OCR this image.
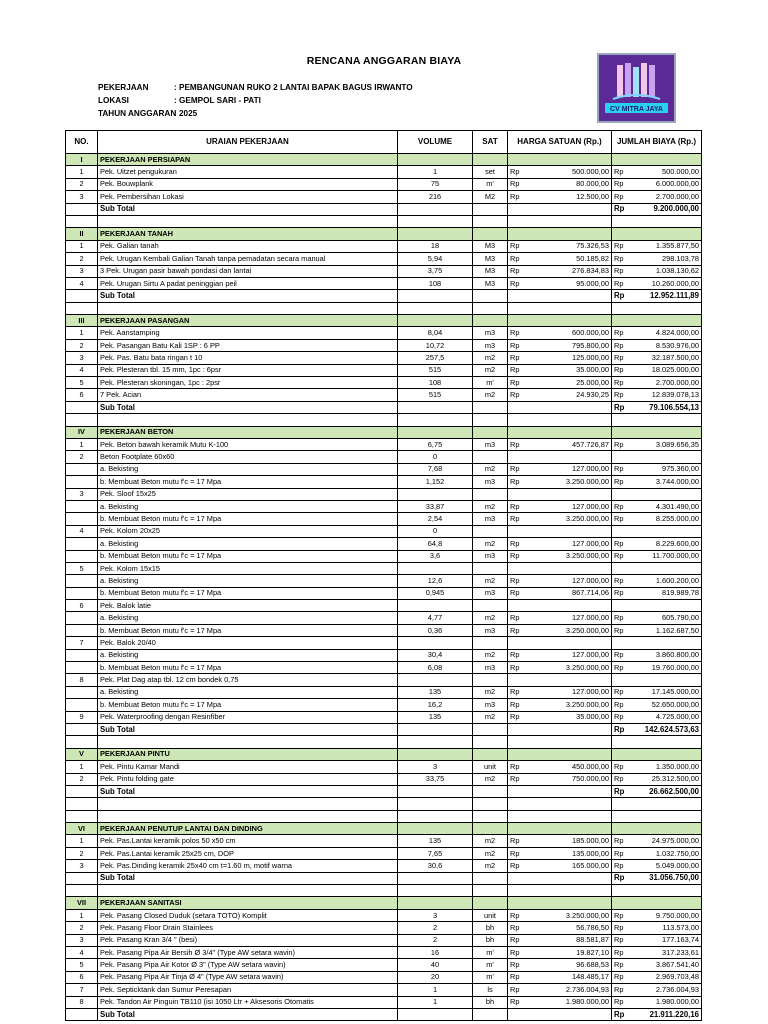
RENCANA ANGGARAN BIAYA
PEKERJAAN	: PEMBANGUNAN RUKO 2 LANTAI BAPAK BAGUS IRWANTO
LOKASI	: GEMPOL SARI - PATI
TAHUN ANGGARAN
: 2025	CV MITRA JAYA
NO.	URAIAN PEKERJAAN	VOLUME	SAT	HARGA SATUAN (Rp.)		JUMLAH BIAYA (Rp.)	
I	PEKERJAAN PERSIAPAN						
1	Pek. Uitzet pengukuran	1	set	Rp	500.000,00	Rp	500.000,00
2	Pek. Bouwplank	75	m'	Rp	80.000,00	Rp	6.000.000,00
3	Pek. Pembersihan Lokasi	216	M2	Rp	12.500,00	Rp	2.700.000,00
	Sub Total					Rp	9.200.000,00

II	PEKERJAAN TANAH						
1	Pek. Galian tanah	18	M3	Rp	75.326,53	Rp	1.355.877,50
2	Pek. Urugan Kembali Galian Tanah tanpa pemadatan secara manual	5,94	M3	Rp	50.185,82	Rp	298.103,78
3	3 Pek. Urugan pasir bawah pondasi dan lantai	3,75	M3	Rp	276.834,83	Rp	1.038.130,62
4	Pek. Urugan Sirtu A padat peninggian peil	108	M3	Rp	95.000,00	Rp	10.260.000,00
	Sub Total					Rp	12.952.111,89

III	PEKERJAAN PASANGAN						
1	Pek. Aanstamping	8,04	m3	Rp	600.000,00	Rp	4.824.000,00
2	Pek. Pasangan Batu Kali 1SP : 6 PP	10,72	m3	Rp	795.800,00	Rp	8.530.976,00
3	Pek. Pas. Batu bata ringan t 10	257,5	m2	Rp	125.000,00	Rp	32.187.500,00
4	Pek. Plesteran tbl. 15 mm, 1pc : 6psr	515	m2	Rp	35.000,00	Rp	18.025.000,00
5	Pek. Plesteran skoningan, 1pc : 2psr	108	m'	Rp	25.000,00	Rp	2.700.000,00
6	7 Pek. Acian	515	m2	Rp	24.930,25	Rp	12.839.078,13
	Sub Total					Rp	79.106.554,13

IV	PEKERJAAN BETON						
1	Pek. Beton bawah keramik Mutu K-100	6,75	m3	Rp	457.726,87	Rp	3.089.656,35
2	Beton Footplate 60x60	0					
	a. Bekisting	7,68	m2	Rp	127.000,00	Rp	975.360,00
	b. Membuat Beton mutu f'c = 17 Mpa	1,152	m3	Rp	3.250.000,00	Rp	3.744.000,00
3	Pek. Sloof 15x25						
	a. Bekisting	33,87	m2	Rp	127.000,00	Rp	4.301.490,00
	b. Membuat Beton mutu f'c = 17 Mpa	2,54	m3	Rp	3.250.000,00	Rp	8.255.000,00
4	Pek. Kolom 20x25	0					
	a. Bekisting	64,8	m2	Rp	127.000,00	Rp	8.229.600,00
	b. Membuat Beton mutu f'c = 17 Mpa	3,6	m3	Rp	3.250.000,00	Rp	11.700.000,00
5	Pek. Kolom 15x15						
	a. Bekisting	12,6	m2	Rp	127.000,00	Rp	1.600.200,00
	b. Membuat Beton mutu f'c = 17 Mpa	0,945	m3	Rp	867.714,06	Rp	819.989,78
6	Pek. Balok latie						
	a. Bekisting	4,77	m2	Rp	127.000,00	Rp	605.790,00
	b. Membuat Beton mutu f'c = 17 Mpa	0,36	m3	Rp	3.250.000,00	Rp	1.162.687,50
7	Pek. Balok 20/40						
	a. Bekisting	30,4	m2	Rp	127.000,00	Rp	3.860.800,00
	b. Membuat Beton mutu f'c = 17 Mpa	6,08	m3	Rp	3.250.000,00	Rp	19.760.000,00
8	Pek. Plat Dag atap tbl. 12 cm bondek 0,75						
	a. Bekisting	135	m2	Rp	127.000,00	Rp	17.145.000,00
	b. Membuat Beton mutu f'c = 17 Mpa	16,2	m3	Rp	3.250.000,00	Rp	52.650.000,00
9	Pek. Waterproofing dengan Resinfiber	135	m2	Rp	35.000,00	Rp	4.725.000,00
	Sub Total					Rp	142.624.573,63

V	PEKERJAAN PINTU						
1	Pek. Pintu Kamar Mandi	3	unit	Rp	450.000,00	Rp	1.350.000,00
2	Pek. Pintu folding gate	33,75	m2	Rp	750.000,00	Rp	25.312.500,00
	Sub Total					Rp	26.662.500,00

VI	PEKERJAAN PENUTUP LANTAI DAN DINDING						
1	Pek. Pas.Lantai keramik polos 50 x50 cm	135	m2	Rp	185.000,00	Rp	24.975.000,00
2	Pek. Pas.Lantai keramik 25x25 cm, DOP	7,65	m2	Rp	135.000,00	Rp	1.032.750,00
3	Pek. Pas.Dinding keramik 25x40 cm t=1.60 m, motif warna	30,6	m2	Rp	165.000,00	Rp	5.049.000,00
	Sub Total					Rp	31.056.750,00

VII	PEKERJAAN SANITASI						
1	Pek. Pasang Closed Duduk (setara TOTO) Komplit	3	unit	Rp	3.250.000,00	Rp	9.750.000,00
2	Pek. Pasang Floor Drain Stainlees	2	bh	Rp	56.786,50	Rp	113.573,00
3	Pek. Pasang Kran 3/4 " (besi)	2	bh	Rp	88.581,87	Rp	177.163,74
4	Pek. Pasang Pipa Air Bersih Ø 3/4" (Type AW setara wavin)	16	m'	Rp	19.827,10	Rp	317.233,61
5	Pek. Pasang Pipa Air Kotor Ø 3" (Type AW setara wavin)	40	m'	Rp	96.688,53	Rp	3.867.541,40
6	Pek. Pasang Pipa Air Tinja Ø 4" (Type AW setara wavin)	20	m'	Rp	148.485,17	Rp	2.969.703,48
7	Pek. Septicktank dan Sumur Peresapan	1	ls	Rp	2.736.004,93	Rp	2.736.004,93
8	Pek. Tandon Air Pinguin TB110 (isi 1050 Ltr + Aksesoris Otomatis	1	bh	Rp	1.980.000,00	Rp	1.980.000,00
	Sub Total					Rp	21.911.220,16
